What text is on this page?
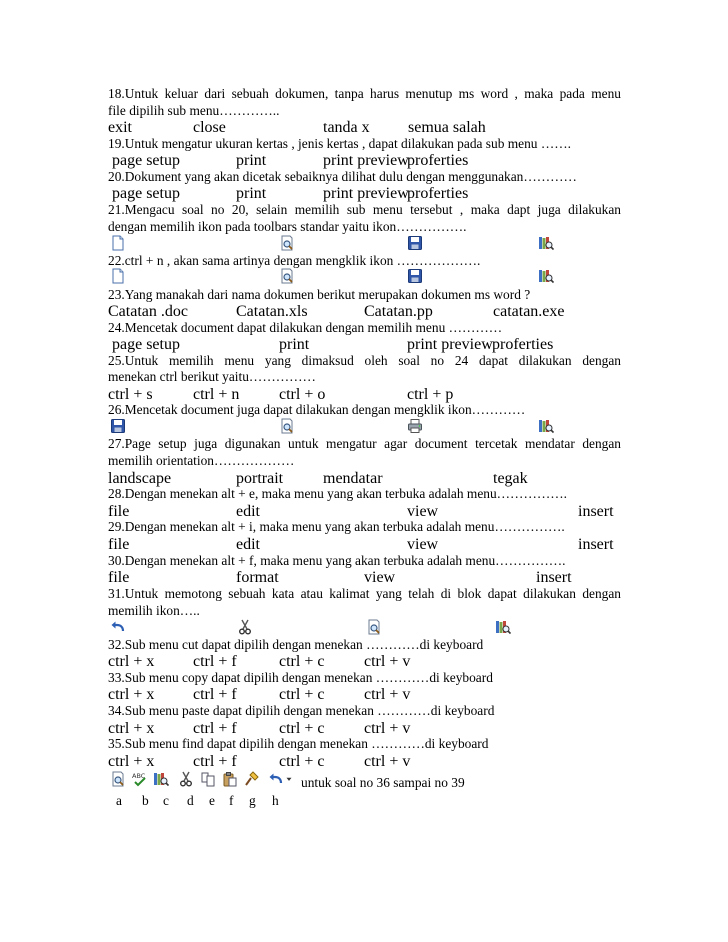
18.Untuk keluar dari sebuah dokumen, tanpa harus menutup ms word , maka pada menu
file dipilih sub menu…………..
exit	close	tanda x semua salah
19.Untuk mengatur ukuran kertas , jenis kertas , dapat dilakukan pada sub menu …….
page setup	print	print preview
proferties
20.Dokument yang akan dicetak sebaiknya dilihat dulu dengan menggunakan…………
page setup	print	print preview
proferties
21.Mengacu soal no 20, selain memilih sub menu tersebut , maka dapt juga dilakukan
dengan memilih ikon pada toolbars standar yaitu ikon…………….
22.ctrl + n , akan sama artinya dengan mengklik ikon ……………….
23.Yang manakah dari nama dokumen berikut merupakan dokumen ms word ?
Catatan .doc	Catatan.xls	Catatan.pp	catatan.exe
24.Mencetak document dapat dilakukan dengan memilih menu …………
page setup	print	print preview proferties
25.Untuk memilih menu yang dimaksud oleh soal no 24 dapat dilakukan dengan
menekan ctrl berikut yaitu……………
ctrl + s	ctrl + n ctrl + o	ctrl + p
26.Mencetak document juga dapat dilakukan dengan mengklik ikon…………
27.Page setup juga digunakan untuk mengatur agar document tercetak mendatar dengan
memilih orientation………………
landscape	portrait mendatar	tegak
28.Dengan menekan alt + e, maka menu yang akan terbuka adalah menu…………….
file	edit	view	insert
29.Dengan menekan alt + i, maka menu yang akan terbuka adalah menu…………….
file	edit	view	insert
30.Dengan menekan alt + f, maka menu yang akan terbuka adalah menu…………….
file	format	view	insert
31.Untuk memotong sebuah kata atau kalimat yang telah di blok dapat dilakukan dengan
memilih ikon…..
32.Sub menu cut dapat dipilih dengan menekan …………di keyboard
ctrl + x ctrl + f	ctrl + c ctrl + v
33.Sub menu copy dapat dipilih dengan menekan …………di keyboard
ctrl + x ctrl + f	ctrl + c ctrl + v
34.Sub menu paste dapat dipilih dengan menekan …………di keyboard
ctrl + x ctrl + f	ctrl + c ctrl + v
35.Sub menu find dapat dipilih dengan menekan …………di keyboard
ctrl + x ctrl + f	ctrl + c ctrl + v
untuk soal no 36 sampai no 39
a b c d e f g h
